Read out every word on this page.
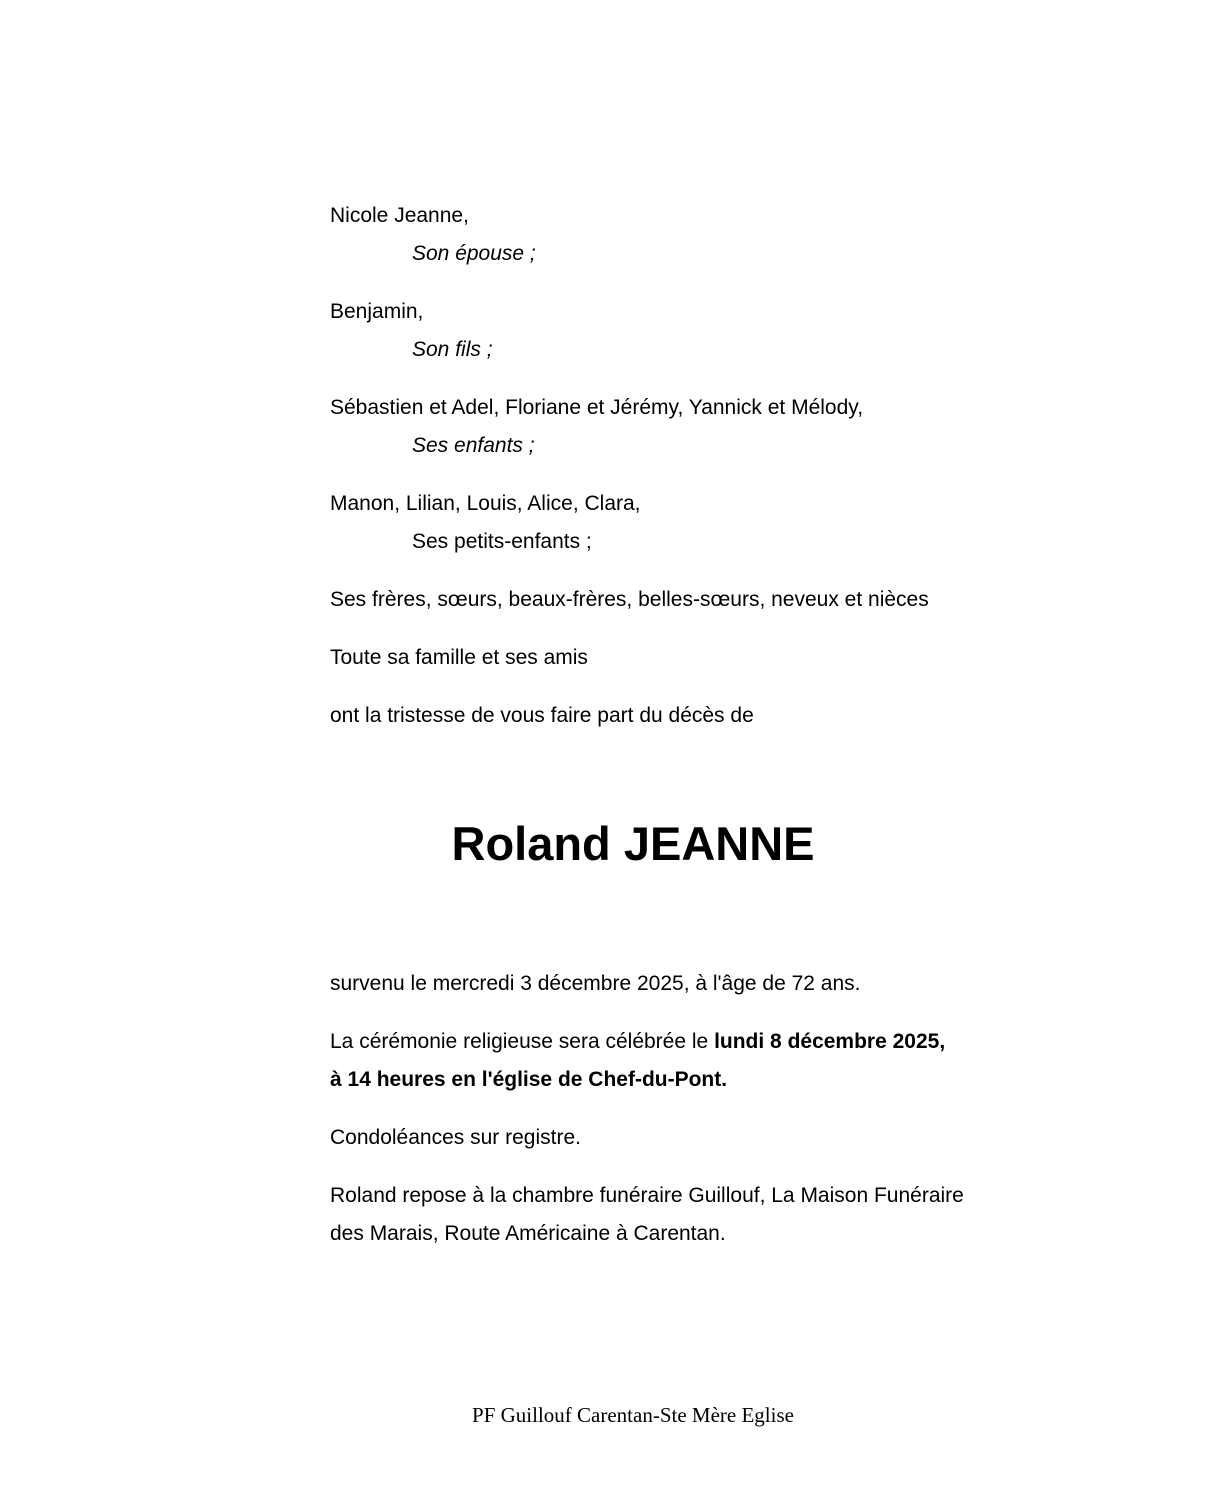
Nicole Jeanne,
Son épouse ;
Benjamin,
Son fils ;
Sébastien et Adel, Floriane et Jérémy, Yannick et Mélody,
Ses enfants ;
Manon, Lilian, Louis, Alice, Clara,
Ses petits-enfants ;
Ses frères, sœurs, beaux-frères, belles-sœurs, neveux et nièces
Toute sa famille et ses amis
ont la tristesse de vous faire part du décès de
Roland JEANNE
survenu le mercredi 3 décembre 2025, à l'âge de 72 ans.
La cérémonie religieuse sera célébrée le lundi 8 décembre 2025,
à 14 heures en l'église de Chef-du-Pont.
Condoléances sur registre.
Roland repose à la chambre funéraire Guillouf, La Maison Funéraire
des Marais, Route Américaine à Carentan.
PF Guillouf Carentan-Ste Mère Eglise
